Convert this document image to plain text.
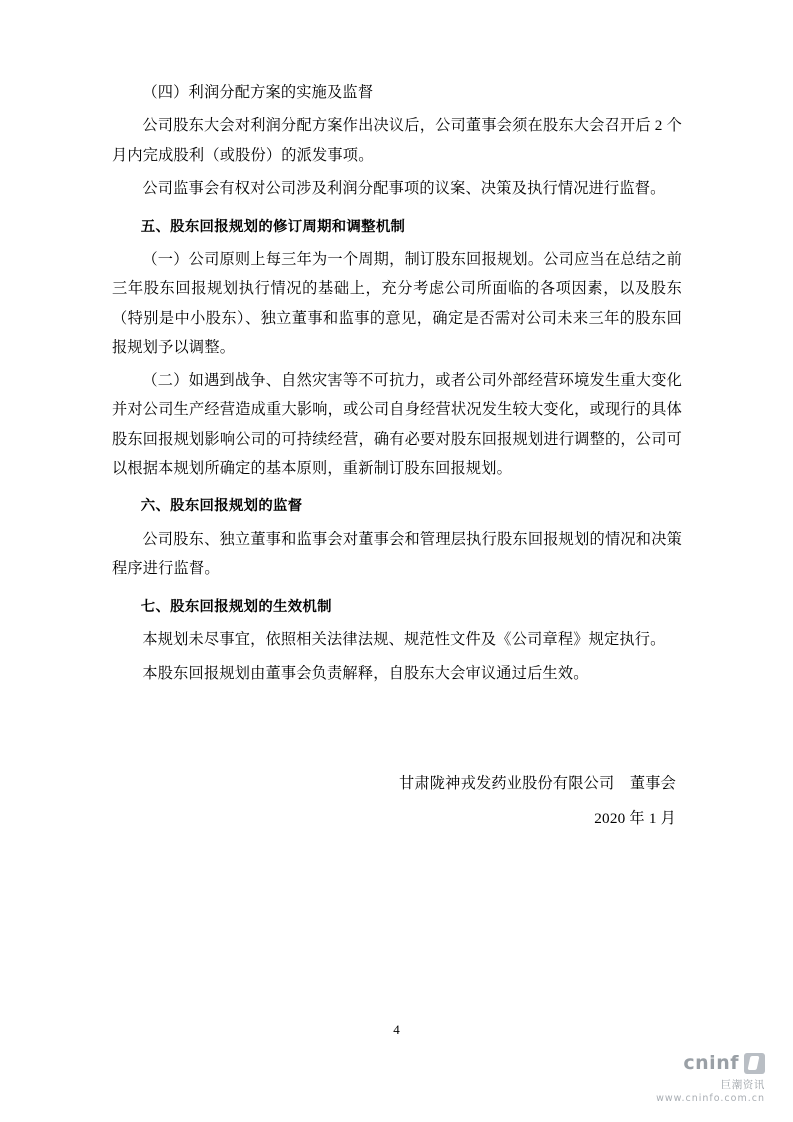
（四）利润分配方案的实施及监督

公司股东大会对利润分配方案作出决议后，公司董事会须在股东大会召开后 2 个月内完成股利（或股份）的派发事项。

公司监事会有权对公司涉及利润分配事项的议案、决策及执行情况进行监督。

五、股东回报规划的修订周期和调整机制

（一）公司原则上每三年为一个周期，制订股东回报规划。公司应当在总结之前三年股东回报规划执行情况的基础上，充分考虑公司所面临的各项因素，以及股东（特别是中小股东）、独立董事和监事的意见，确定是否需对公司未来三年的股东回报规划予以调整。

（二）如遇到战争、自然灾害等不可抗力，或者公司外部经营环境发生重大变化并对公司生产经营造成重大影响，或公司自身经营状况发生较大变化，或现行的具体股东回报规划影响公司的可持续经营，确有必要对股东回报规划进行调整的，公司可以根据本规划所确定的基本原则，重新制订股东回报规划。

六、股东回报规划的监督

公司股东、独立董事和监事会对董事会和管理层执行股东回报规划的情况和决策程序进行监督。

七、股东回报规划的生效机制

本规划未尽事宜，依照相关法律法规、规范性文件及《公司章程》规定执行。

本股东回报规划由董事会负责解释，自股东大会审议通过后生效。

甘肃陇神戎发药业股份有限公司　董事会

2020 年 1 月

4
cninf
巨潮资讯
www.cninfo.com.cn
